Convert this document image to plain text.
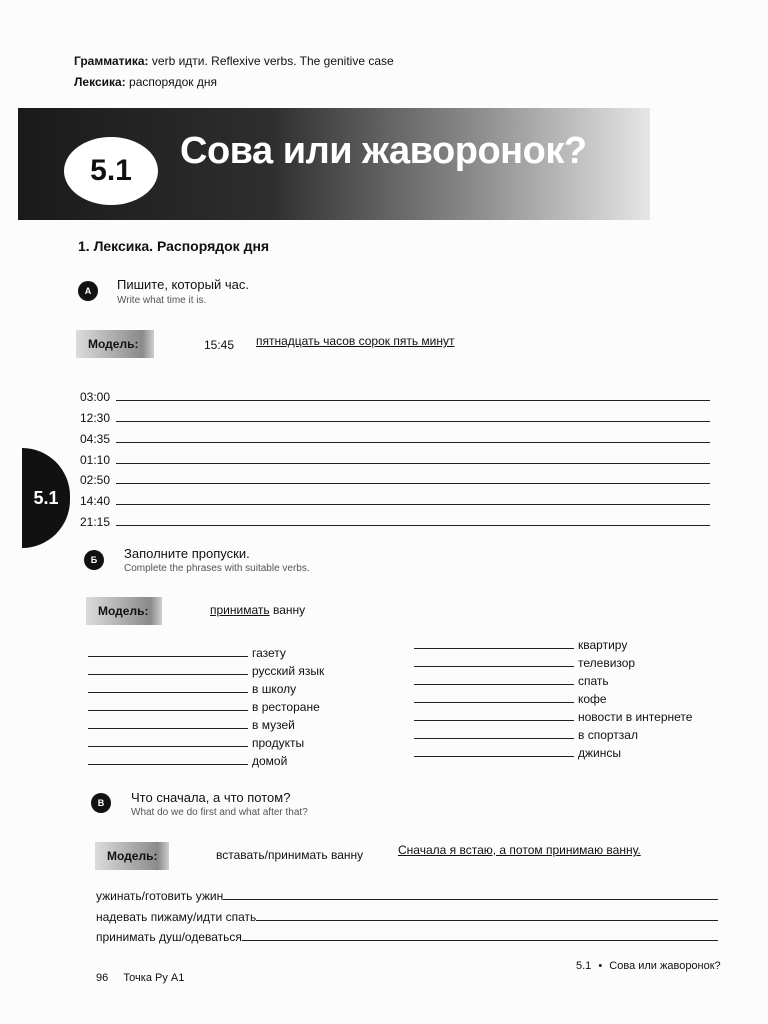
Грамматика: verb идти. Reflexive verbs. The genitive case
Лексика: распорядок дня
5.1	Сова или жаворонок?
5.1
1. Лексика. Распорядок дня
А	Пишите, который час.
Write what time it is.
Модель:	15:45 пятнадцать часов сорок пять минут
03:00
12:30
04:35
01:10
02:50
14:40
21:15
Б	Заполните пропуски.
Complete the phrases with suitable verbs.
Модель:	принимать ванну
газету
русский язык
в школу
в ресторане
в музей
продукты
домой
квартиру
телевизор
спать
кофе
новости в интернете
в спортзал
джинсы
В	Что сначала, а что потом?
What do we do first and what after that?
Модель:	вставать/принимать ванну	Сначала я встаю, а потом принимаю ванну.
ужинать/готовить ужин
надевать пижаму/идти спать
принимать душ/одеваться
96 Точка Ру А1
5.1 • Сова или жаворонок?
